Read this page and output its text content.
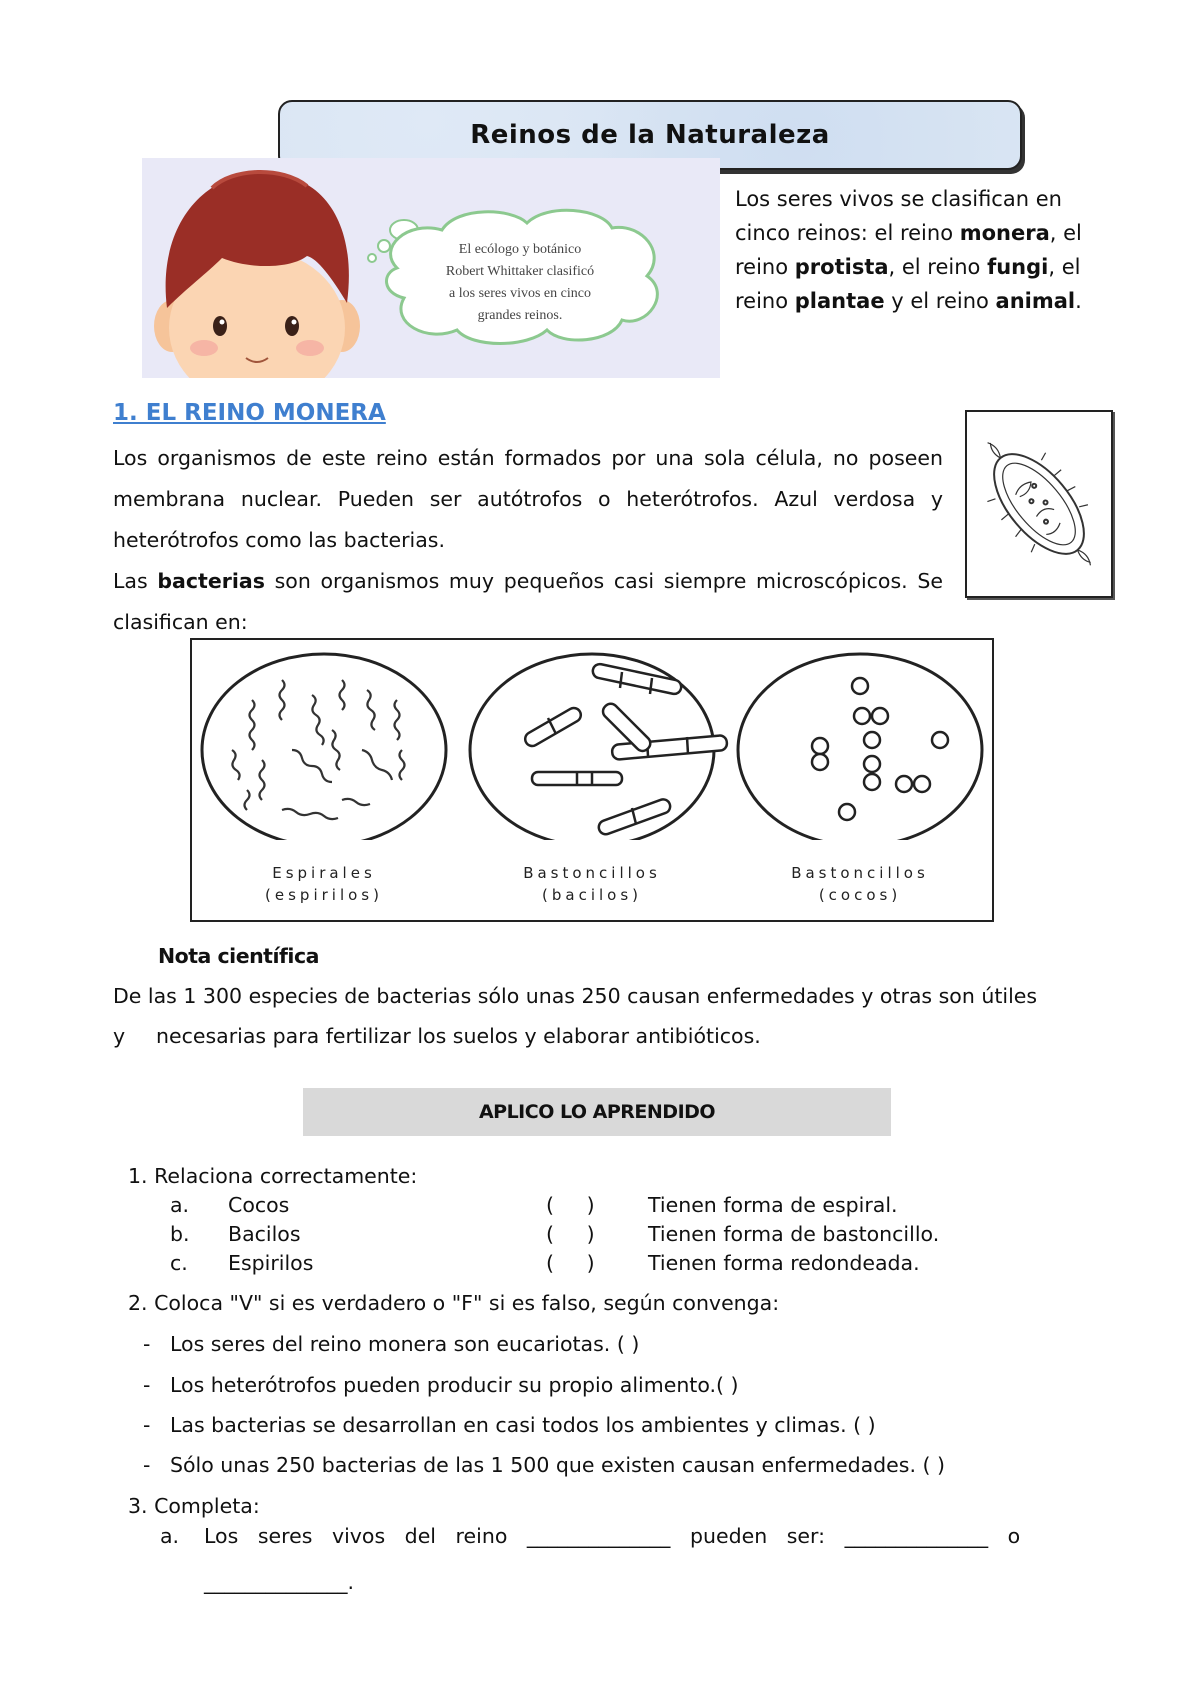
Reinos de la Naturaleza
El ecólogo y botánico
Robert Whittaker clasificó
a los seres vivos en cinco
grandes reinos.
Los seres vivos se clasifican en cinco reinos: el reino monera, el reino protista, el reino fungi, el reino plantae y el reino animal.
1. EL REINO MONERA
Los organismos de este reino están formados por una sola célula, no poseen membrana nuclear. Pueden ser autótrofos o heterótrofos. Azul verdosa y heterótrofos como las bacterias.
Las bacterias son organismos muy pequeños casi siempre microscópicos. Se clasifican en:
Espirales
(espirilos)
Bastoncillos
(bacilos)
Bastoncillos
(cocos)
Nota científica
De las 1 300 especies de bacterias sólo unas 250 causan enfermedades y otras son útiles
y necesarias para fertilizar los suelos y elaborar antibióticos.
APLICO LO APRENDIDO
1. Relaciona correctamente:
a. Cocos	(     )	Tienen forma de espiral.
b. Bacilos	(     )	Tienen forma de bastoncillo.
c. Espirilos	(     )	Tienen forma redondeada.
2. Coloca "V" si es verdadero o "F" si es falso, según convenga:
- Los seres del reino monera son eucariotas. ( )
- Los heterótrofos pueden producir su propio alimento.( )
- Las bacterias se desarrollan en casi todos los ambientes y climas. ( )
- Sólo unas 250 bacterias de las 1 500 que existen causan enfermedades. ( )
3. Completa:
a. Los   seres   vivos   del   reino   ______________   pueden   ser:   ______________   o
______________.
